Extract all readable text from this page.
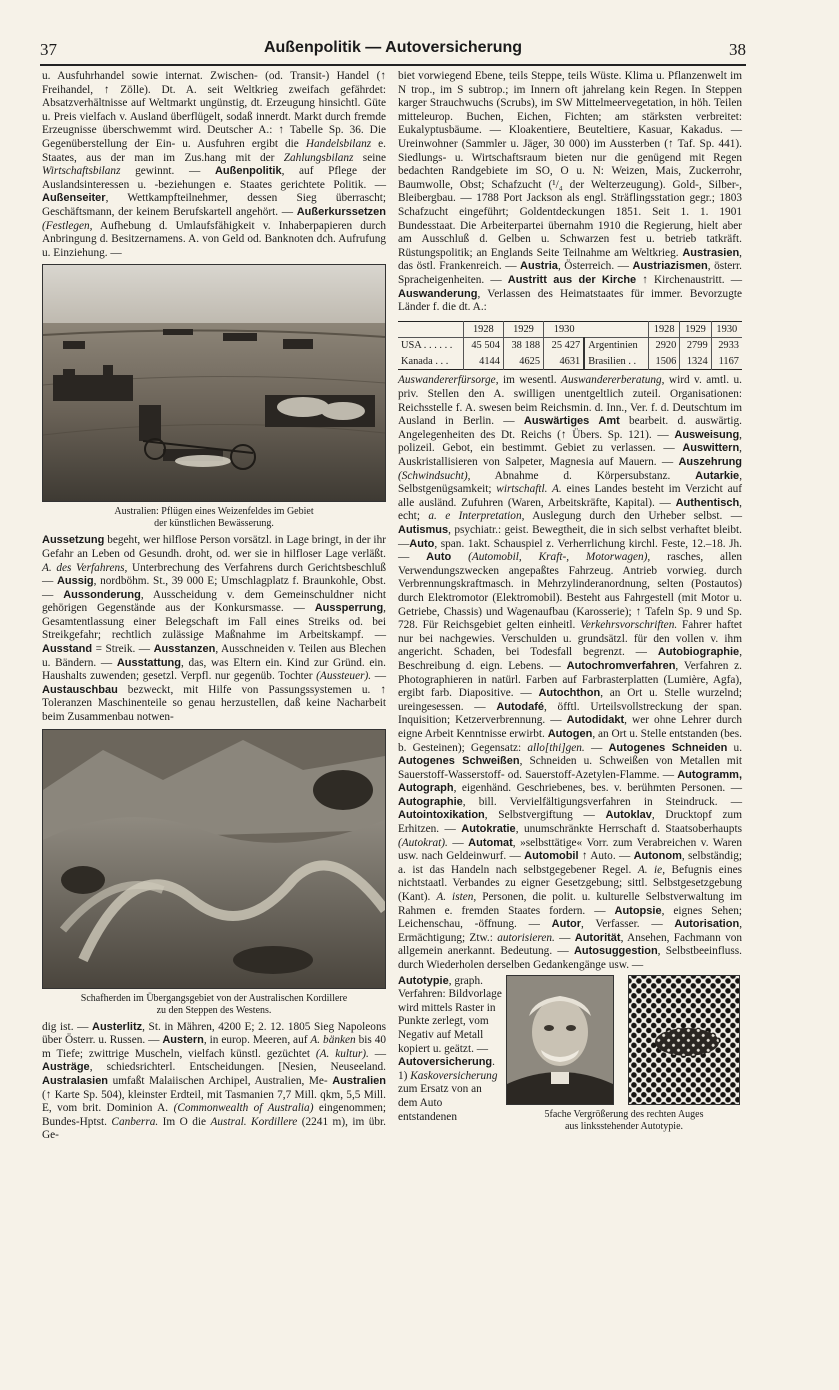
37	Außenpolitik — Autoversicherung	38

u. Ausfuhrhandel sowie internat. Zwischen- (od. Transit-) Handel (↑ Freihandel, ↑ Zölle). Dt. A. seit Weltkrieg zweifach gefährdet: Absatzverhältnisse auf Weltmarkt ungünstig, dt. Erzeugung hinsichtl. Güte u. Preis vielfach v. Ausland überflügelt, sodaß innerdt. Markt durch fremde Erzeugnisse überschwemmt wird. Deutscher A.: ↑ Tabelle Sp. 36. Die Gegenüberstellung der Ein- u. Ausfuhren ergibt die Handelsbilanz e. Staates, aus der man im Zus.hang mit der Zahlungsbilanz seine Wirtschaftsbilanz gewinnt. — Außenpolitik, auf Pflege der Auslandsinteressen u. -beziehungen e. Staates gerichtete Politik. — Außenseiter, Wettkampfteilnehmer, dessen Sieg überrascht; Geschäftsmann, der keinem Berufskartell angehört. — Außerkurssetzen (Festlegen, Aufhebung d. Umlaufsfähigkeit v. Inhaberpapieren durch Anbringung d. Besitzernamens. A. von Geld od. Banknoten dch. Aufrufung u. Einziehung. —

Australien: Pflügen eines Weizenfeldes im Gebiet
der künstlichen Bewässerung.

Aussetzung begeht, wer hilflose Person vorsätzl. in Lage bringt, in der ihr Gefahr an Leben od Gesundh. droht, od. wer sie in hilfloser Lage verläßt. A. des Verfahrens, Unterbrechung des Verfahrens durch Gerichtsbeschluß — Aussig, nordböhm. St., 39 000 E; Umschlagplatz f. Braunkohle, Obst. — Aussonderung, Ausscheidung v. dem Gemeinschuldner nicht gehörigen Gegenstände aus der Konkursmasse. — Aussperrung, Gesamtentlassung einer Belegschaft im Fall eines Streiks od. bei Streikgefahr; rechtlich zulässige Maßnahme im Arbeitskampf. — Ausstand = Streik. — Ausstanzen, Ausschneiden v. Teilen aus Blechen u. Bändern. — Ausstattung, das, was Eltern ein. Kind zur Gründ. ein. Haushalts zuwenden; gesetzl. Verpfl. nur gegenüb. Tochter (Aussteuer). — Austauschbau bezweckt, mit Hilfe von Passungssystemen u. ↑ Toleranzen Maschinenteile so genau herzustellen, daß keine Nacharbeit beim Zusammenbau notwen-

Schafherden im Übergangsgebiet von der Australischen Kordillere
zu den Steppen des Westens.

dig ist. — Austerlitz, St. in Mähren, 4200 E; 2. 12. 1805 Sieg Napoleons über Österr. u. Russen. — Austern, in europ. Meeren, auf A. bänken bis 40 m Tiefe; zwittrige Muscheln, vielfach künstl. gezüchtet (A. kultur). — Austräge, schiedsrichterl. Entscheidungen. [Nesien, Neuseeland. Australasien umfaßt Malaiischen Archipel, Australien, Me- Australien (↑ Karte Sp. 504), kleinster Erdteil, mit Tasmanien 7,7 Mill. qkm, 5,5 Mill. E, vom brit. Dominion A. (Commonwealth of Australia) eingenommen; Bundes-Hptst. Canberra. Im O die Austral. Kordillere (2241 m), im übr. Ge-

biet vorwiegend Ebene, teils Steppe, teils Wüste. Klima u. Pflanzenwelt im N trop., im S subtrop.; im Innern oft jahrelang kein Regen. In Steppen karger Strauchwuchs (Scrubs), im SW Mittelmeervegetation, in höh. Teilen mitteleurop. Buchen, Eichen, Fichten; am stärksten verbreitet: Eukalyptusbäume. — Kloakentiere, Beuteltiere, Kasuar, Kakadus. — Ureinwohner (Sammler u. Jäger, 30 000) im Aussterben (↑ Taf. Sp. 441). Siedlungs- u. Wirtschaftsraum bieten nur die genügend mit Regen bedachten Randgebiete im SO, O u. N: Weizen, Mais, Zuckerrohr, Baumwolle, Obst; Schafzucht (¹/₄ der Welterzeugung). Gold-, Silber-, Bleibergbau. — 1788 Port Jackson als engl. Sträflingsstation gegr.; 1803 Schafzucht eingeführt; Goldentdeckungen 1851. Seit 1. 1. 1901 Bundesstaat. Die Arbeiterpartei übernahm 1910 die Regierung, hielt aber am Ausschluß d. Gelben u. Schwarzen fest u. betrieb tatkräft. Rüstungspolitik; an Englands Seite Teilnahme am Weltkrieg. Austrasien, das östl. Frankenreich. — Austria, Österreich. — Austriazismen, österr. Spracheigenheiten. — Austritt aus der Kirche ↑ Kirchenaustritt. — Auswanderung, Verlassen des Heimatstaates für immer. Bevorzugte Länder f. die dt. A.:

	1928	1929	1930		1928	1929	1930
USA . . . . . .	45 504	38 188	25 427	Argentinien	2920	2799	2933
Kanada . . .	4144	4625	4631	Brasilien . .	1506	1324	1167

Auswandererfürsorge, im wesentl. Auswandererberatung, wird v. amtl. u. priv. Stellen den A. swilligen unentgeltlich zuteil. Organisationen: Reichsstelle f. A. swesen beim Reichsmin. d. Inn., Ver. f. d. Deutschtum im Ausland in Berlin. — Auswärtiges Amt bearbeit. d. auswärtig. Angelegenheiten des Dt. Reichs (↑ Übers. Sp. 121). — Ausweisung, polizeil. Gebot, ein bestimmt. Gebiet zu verlassen. — Auswittern, Auskristallisieren von Salpeter, Magnesia auf Mauern. — Auszehrung (Schwindsucht), Abnahme d. Körpersubstanz. Autarkie, Selbstgenügsamkeit; wirtschaftl. A. eines Landes besteht im Verzicht auf alle ausländ. Zufuhren (Waren, Arbeitskräfte, Kapital). — Authentisch, echt; a. e Interpretation, Auslegung durch den Urheber selbst. — Autismus, psychiatr.: geist. Bewegtheit, die in sich selbst verhaftet bleibt. —Auto, span. 1akt. Schauspiel z. Verherrlichung kirchl. Feste, 12.–18. Jh. — Auto (Automobil, Kraft-, Motorwagen), rasches, allen Verwendungszwecken angepaßtes Fahrzeug. Antrieb vorwieg. durch Verbrennungskraftmasch. in Mehrzylinderanordnung, selten (Postautos) durch Elektromotor (Elektromobil). Besteht aus Fahrgestell (mit Motor u. Getriebe, Chassis) und Wagenaufbau (Karosserie); ↑ Tafeln Sp. 9 und Sp. 728. Für Reichsgebiet gelten einheitl. Verkehrsvorschriften. Fahrer haftet nur bei nachgewies. Verschulden u. grundsätzl. für den vollen v. ihm angericht. Schaden, bei Todesfall begrenzt. — Autobiographie, Beschreibung d. eign. Lebens. — Autochromverfahren, Verfahren z. Photographieren in natürl. Farben auf Farbrasterplatten (Lumière, Agfa), ergibt farb. Diapositive. — Autochthon, an Ort u. Stelle wurzelnd; ureingesessen. — Autodafé, öfftl. Urteilsvollstreckung der span. Inquisition; Ketzerverbrennung. — Autodidakt, wer ohne Lehrer durch eigne Arbeit Kenntnisse erwirbt. Autogen, an Ort u. Stelle entstanden (bes. b. Gesteinen); Gegensatz: allo[thi]gen. — Autogenes Schneiden u. Autogenes Schweißen, Schneiden u. Schweißen von Metallen mit Sauerstoff-Wasserstoff- od. Sauerstoff-Azetylen-Flamme. — Autogramm, Autograph, eigenhänd. Geschriebenes, bes. v. berühmten Personen. — Autographie, bill. Vervielfältigungsverfahren in Steindruck. — Autointoxikation, Selbstvergiftung — Autoklav, Drucktopf zum Erhitzen. — Autokratie, unumschränkte Herrschaft d. Staatsoberhaupts (Autokrat). — Automat, »selbsttätige« Vorr. zum Verabreichen v. Waren usw. nach Geldeinwurf. — Automobil ↑ Auto. — Autonom, selbständig; a. ist das Handeln nach selbstgegebener Regel. A. ie, Befugnis eines nichtstaatl. Verbandes zu eigner Gesetzgebung; sittl. Selbstgesetzgebung (Kant). A. isten, Personen, die polit. u. kulturelle Selbstverwaltung im Rahmen e. fremden Staates fordern. — Autopsie, eignes Sehen; Leichenschau, -öffnung. — Autor, Verfasser. — Autorisation, Ermächtigung; Ztw.: autorisieren. — Autorität, Ansehen, Fachmann von allgemein anerkannt. Bedeutung. — Autosuggestion, Selbstbeeinfluss. durch Wiederholen derselben Gedankengänge usw. —

Autotypie, graph. Verfahren: Bildvorlage wird mittels Raster in Punkte zerlegt, vom Negativ auf Metall kopiert u. geätzt. — Autoversicherung. 1) Kaskoversicherung zum Ersatz von an dem Auto entstandenen	5fache Vergrößerung des rechten Auges
aus linksstehender Autotypie.
